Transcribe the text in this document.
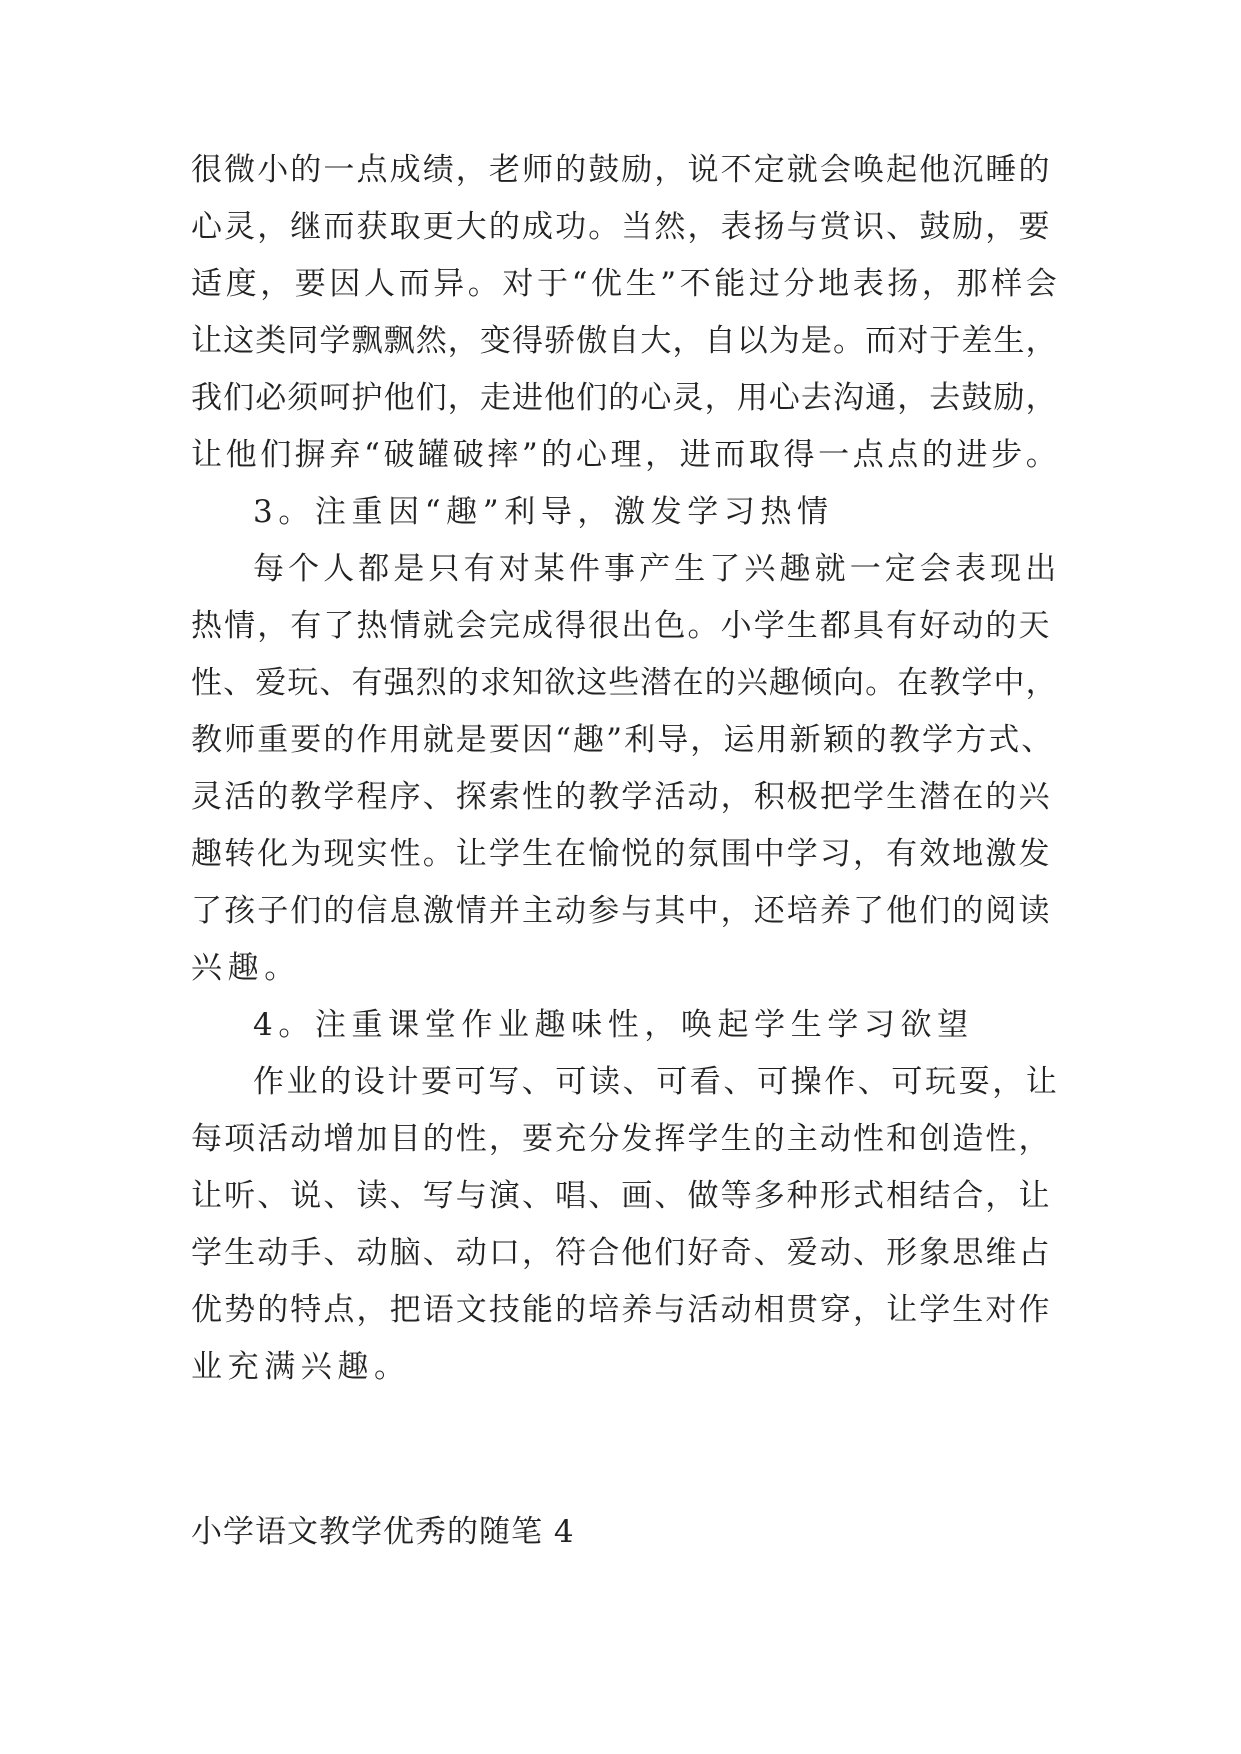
很微小的一点成绩，老师的鼓励，说不定就会唤起他沉睡的
心灵，继而获取更大的成功。当然，表扬与赏识、鼓励，要
适度，要因人而异。对于“优生”不能过分地表扬，那样会
让这类同学飘飘然，变得骄傲自大，自以为是。而对于差生，
我们必须呵护他们，走进他们的心灵，用心去沟通，去鼓励，
让他们摒弃“破罐破摔”的心理，进而取得一点点的进步。
3。注重因“趣”利导，激发学习热情
每个人都是只有对某件事产生了兴趣就一定会表现出
热情，有了热情就会完成得很出色。小学生都具有好动的天
性、爱玩、有强烈的求知欲这些潜在的兴趣倾向。在教学中，
教师重要的作用就是要因“趣”利导，运用新颖的教学方式、
灵活的教学程序、探索性的教学活动，积极把学生潜在的兴
趣转化为现实性。让学生在愉悦的氛围中学习，有效地激发
了孩子们的信息激情并主动参与其中，还培养了他们的阅读
兴趣。
4。注重课堂作业趣味性，唤起学生学习欲望
作业的设计要可写、可读、可看、可操作、可玩耍，让
每项活动增加目的性，要充分发挥学生的主动性和创造性，
让听、说、读、写与演、唱、画、做等多种形式相结合，让
学生动手、动脑、动口，符合他们好奇、爱动、形象思维占
优势的特点，把语文技能的培养与活动相贯穿，让学生对作
业充满兴趣。
小学语文教学优秀的随笔 4
